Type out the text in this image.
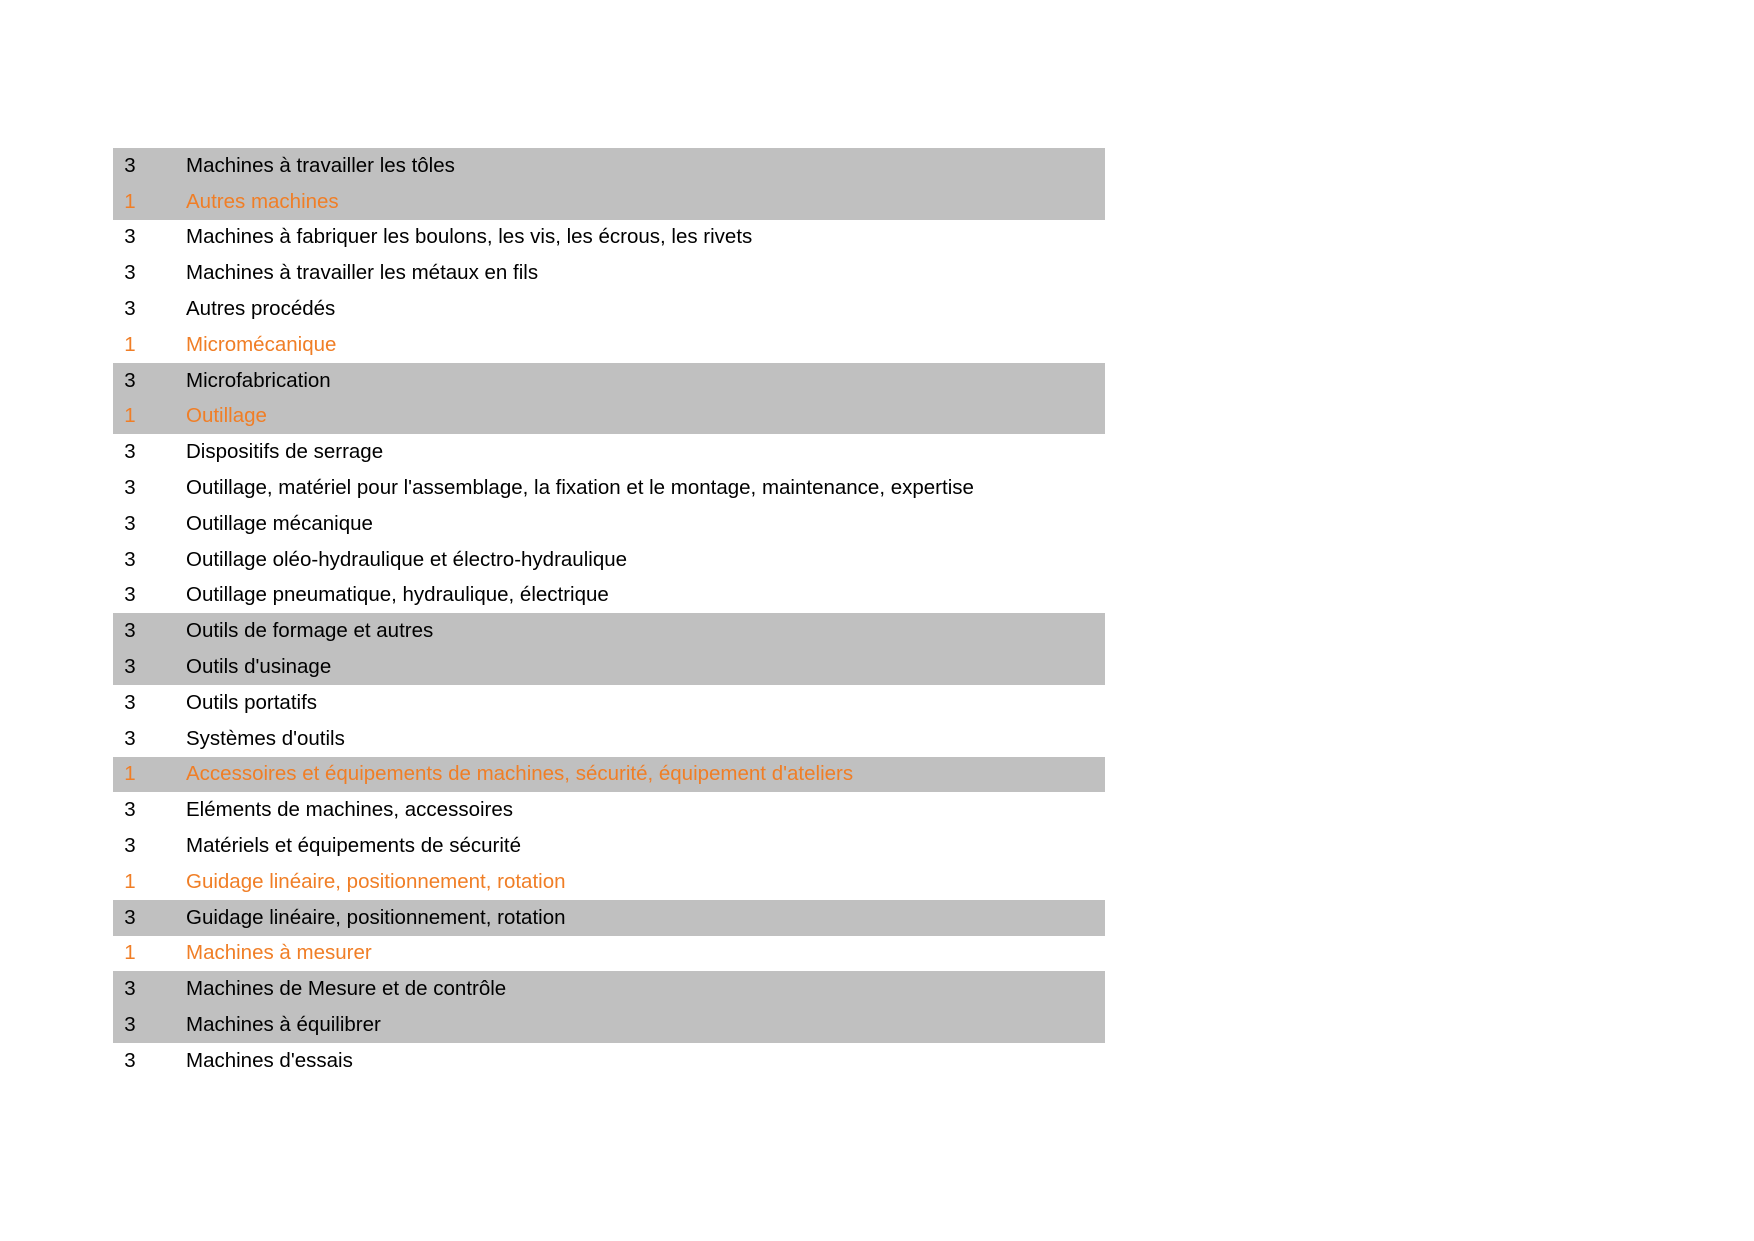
3	Machines à travailler les tôles
1	Autres machines
3	Machines à fabriquer les boulons, les vis, les écrous, les rivets
3	Machines à travailler les métaux en fils
3	Autres procédés
1	Micromécanique
3	Microfabrication
1	Outillage
3	Dispositifs de serrage
3	Outillage, matériel pour l'assemblage, la fixation et le montage, maintenance, expertise
3	Outillage mécanique
3	Outillage oléo-hydraulique et électro-hydraulique
3	Outillage pneumatique, hydraulique, électrique
3	Outils de formage et autres
3	Outils d'usinage
3	Outils portatifs
3	Systèmes d'outils
1	Accessoires et équipements de machines, sécurité, équipement d'ateliers
3	Eléments de machines, accessoires
3	Matériels et équipements de sécurité
1	Guidage linéaire, positionnement, rotation
3	Guidage linéaire, positionnement, rotation
1	Machines à mesurer
3	Machines de Mesure et de contrôle
3	Machines à équilibrer
3	Machines d'essais
